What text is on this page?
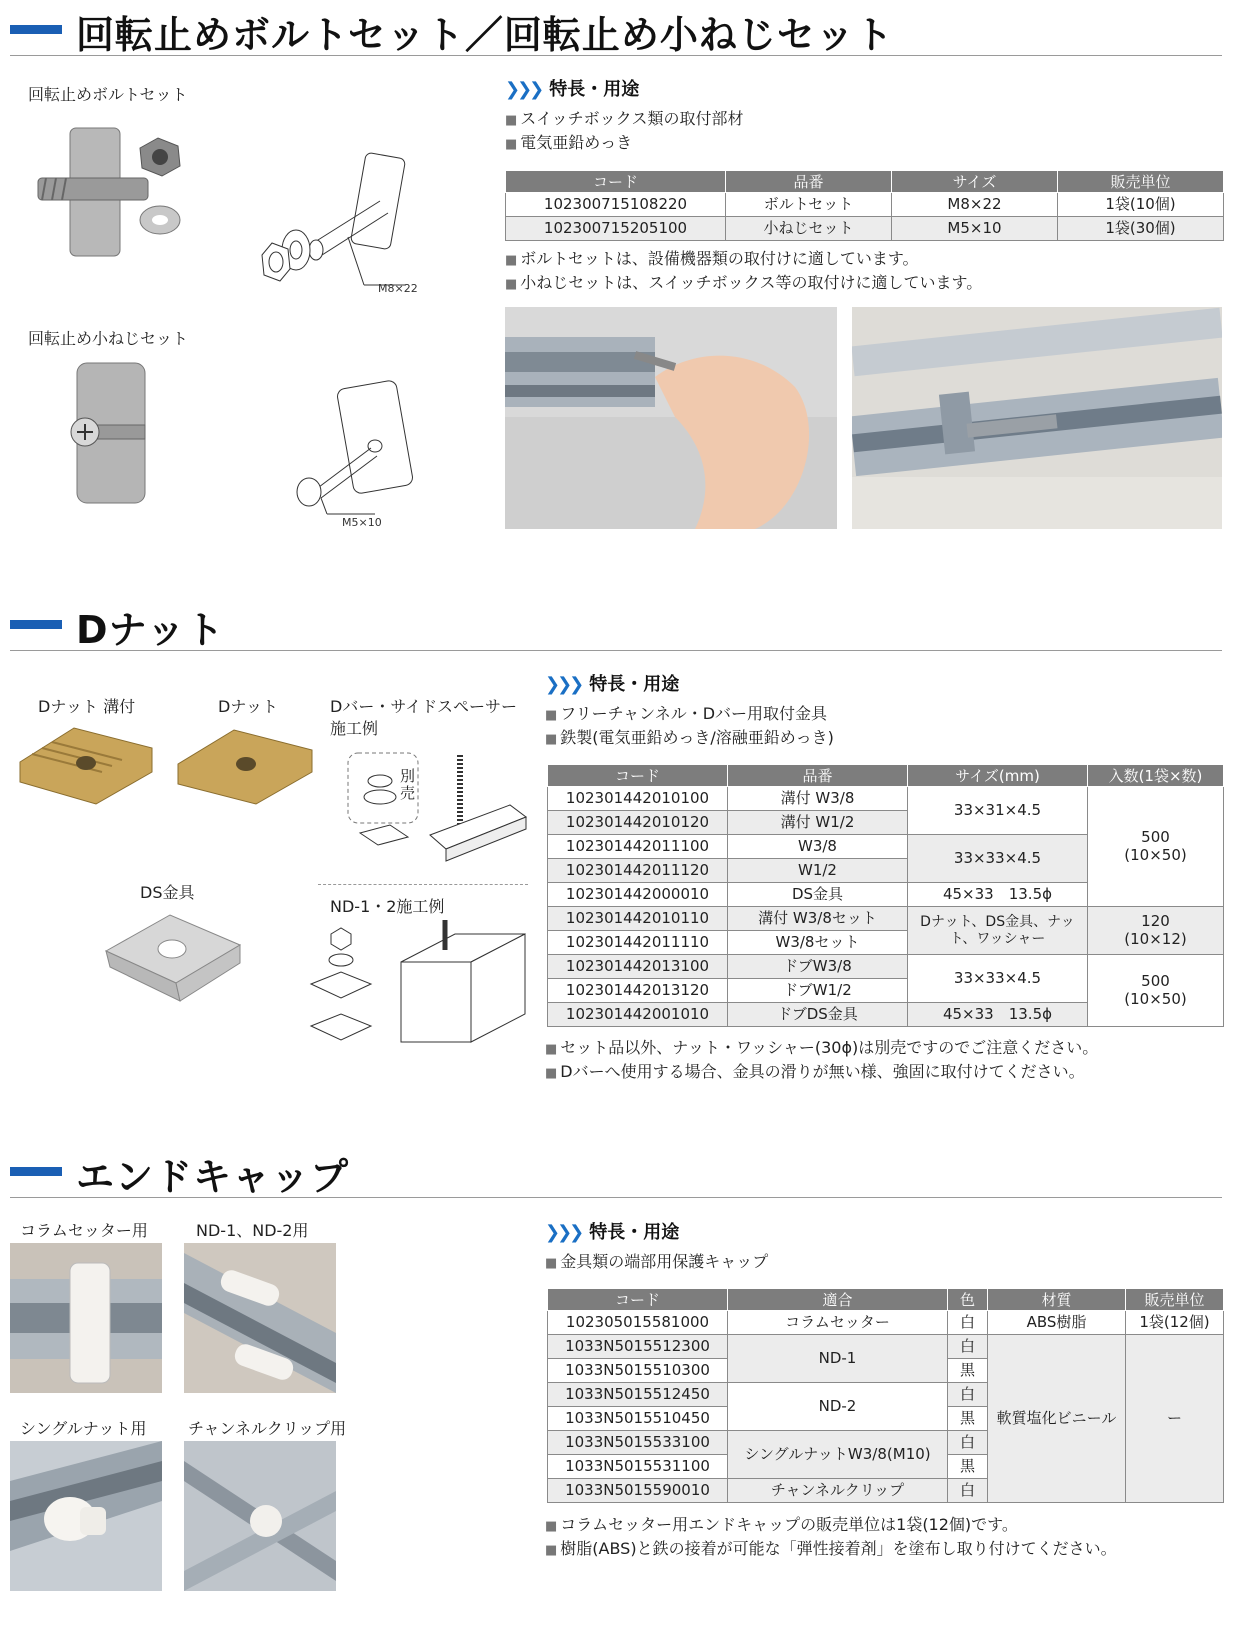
回転止めボルトセット／回転止め小ねじセット
回転止めボルトセット
M8×22
回転止め小ねじセット
M5×10
❯❯❯ 特長・用途
■ スイッチボックス類の取付部材
■ 電気亜鉛めっき
コード	品番	サイズ	販売単位
102300715108220	ボルトセット	M8×22	1袋(10個)
102300715205100	小ねじセット	M5×10	1袋(30個)
■ ボルトセットは、設備機器類の取付けに適しています。
■ 小ねじセットは、スイッチボックス等の取付けに適しています。
Dナット
Dナット 溝付	Dナット	Dバー・サイドスペーサー
施工例
別
売
DS金具
ND-1・2施工例
❯❯❯ 特長・用途
■ フリーチャンネル・Dバー用取付金具
■ 鉄製(電気亜鉛めっき/溶融亜鉛めっき)
コード	品番	サイズ(mm)	入数(1袋×数)
102301442010100	溝付 W3/8	33×31×4.5	500
(10×50)
102301442010120	溝付 W1/2		
102301442011100	W3/8	33×33×4.5	
102301442011120	W1/2		
102301442000010	DS金具	45×33　13.5ϕ	
102301442010110	溝付 W3/8セット	Dナット、DS金具、ナット、ワッシャー	120
(10×12)
102301442011110	W3/8セット		
102301442013100	ドブW3/8	33×33×4.5	500
(10×50)
102301442013120	ドブW1/2		
102301442001010	ドブDS金具	45×33　13.5ϕ	
■ セット品以外、ナット・ワッシャー(30ϕ)は別売ですのでご注意ください。
■ Dバーへ使用する場合、金具の滑りが無い様、強固に取付けてください。
エンドキャップ
コラムセッター用	ND-1、ND-2用
シングルナット用	チャンネルクリップ用
❯❯❯ 特長・用途
■ 金具類の端部用保護キャップ
コード	適合	色	材質	販売単位
102305015581000	コラムセッター	白	ABS樹脂	1袋(12個)
1033N5015512300	ND-1	白	軟質塩化ビニール	ー
1033N5015510300		黒		
1033N5015512450	ND-2	白		
1033N5015510450		黒		
1033N5015533100	シングルナットW3/8(M10)	白		
1033N5015531100		黒		
1033N5015590010	チャンネルクリップ	白		
■ コラムセッター用エンドキャップの販売単位は1袋(12個)です。
■ 樹脂(ABS)と鉄の接着が可能な「弾性接着剤」を塗布し取り付けてください。
